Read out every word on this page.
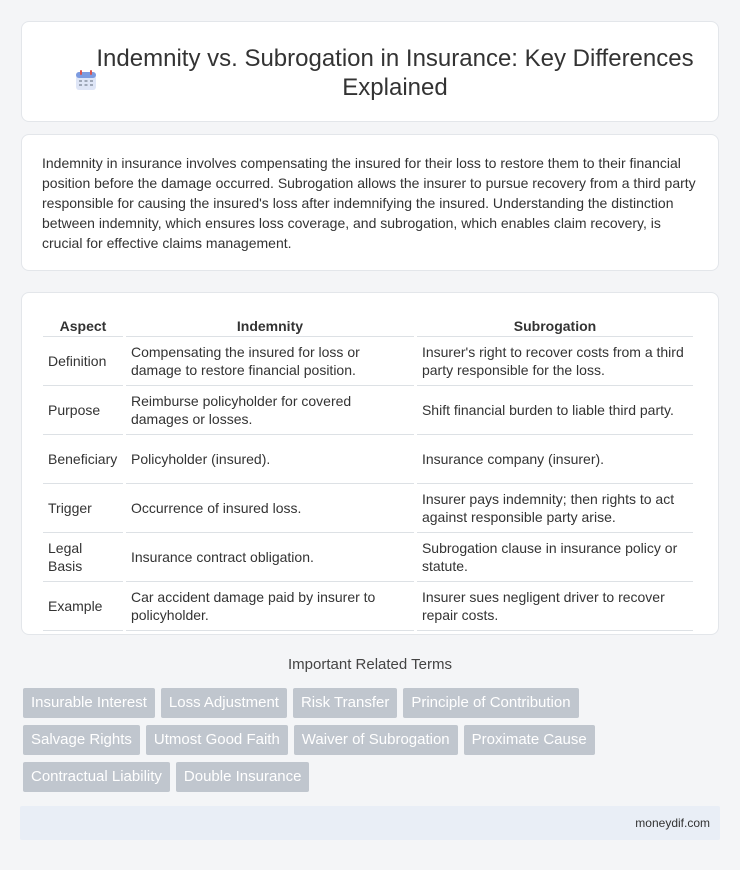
Indemnity vs. Subrogation in Insurance: Key Differences Explained

Indemnity in insurance involves compensating the insured for their loss to restore them to their financial position before the damage occurred. Subrogation allows the insurer to pursue recovery from a third party responsible for causing the insured's loss after indemnifying the insured. Understanding the distinction between indemnity, which ensures loss coverage, and subrogation, which enables claim recovery, is crucial for effective claims management.

Aspect	Indemnity	Subrogation
Definition	Compensating the insured for loss or damage to restore financial position.	Insurer's right to recover costs from a third party responsible for the loss.
Purpose	Reimburse policyholder for covered damages or losses.	Shift financial burden to liable third party.
Beneficiary	Policyholder (insured).	Insurance company (insurer).
Trigger	Occurrence of insured loss.	Insurer pays indemnity; then rights to act against responsible party arise.
Legal Basis	Insurance contract obligation.	Subrogation clause in insurance policy or statute.
Example	Car accident damage paid by insurer to policyholder.	Insurer sues negligent driver to recover repair costs.
Important Related Terms
Insurable Interest Loss Adjustment Risk Transfer Principle of Contribution
Salvage Rights Utmost Good Faith Waiver of Subrogation Proximate Cause
Contractual Liability Double Insurance
moneydif.com
